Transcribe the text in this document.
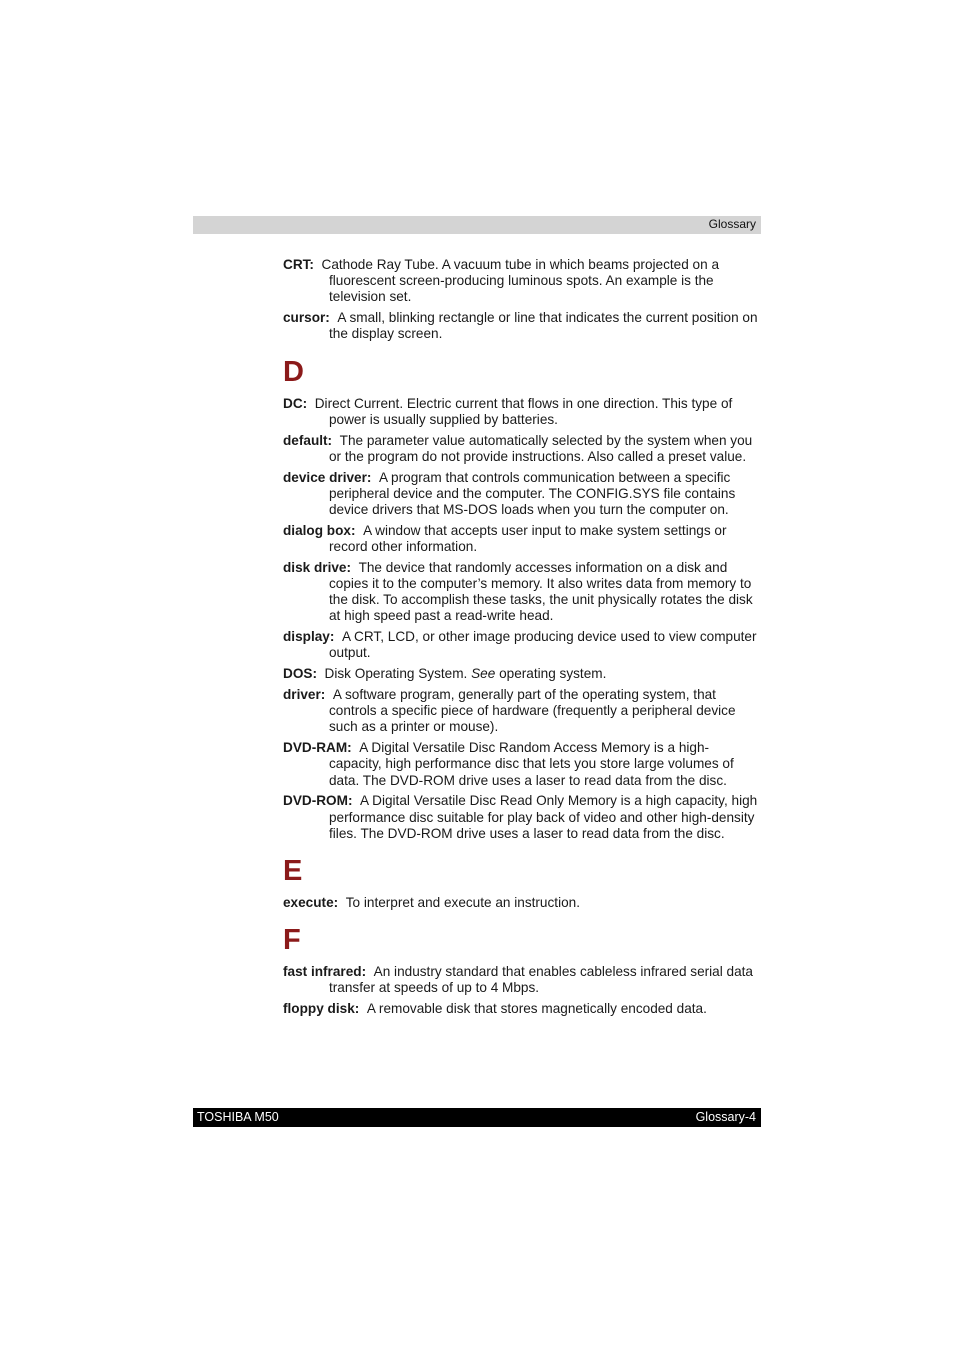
Glossary
CRT: Cathode Ray Tube. A vacuum tube in which beams projected on a fluorescent screen-producing luminous spots. An example is the television set.
cursor: A small, blinking rectangle or line that indicates the current position on the display screen.
D
DC: Direct Current. Electric current that flows in one direction. This type of power is usually supplied by batteries.
default: The parameter value automatically selected by the system when you or the program do not provide instructions. Also called a preset value.
device driver: A program that controls communication between a specific peripheral device and the computer. The CONFIG.SYS file contains device drivers that MS-DOS loads when you turn the computer on.
dialog box: A window that accepts user input to make system settings or record other information.
disk drive: The device that randomly accesses information on a disk and copies it to the computer’s memory. It also writes data from memory to the disk. To accomplish these tasks, the unit physically rotates the disk at high speed past a read-write head.
display: A CRT, LCD, or other image producing device used to view computer output.
DOS: Disk Operating System. See operating system.
driver: A software program, generally part of the operating system, that controls a specific piece of hardware (frequently a peripheral device such as a printer or mouse).
DVD-RAM: A Digital Versatile Disc Random Access Memory is a high-capacity, high performance disc that lets you store large volumes of data. The DVD-ROM drive uses a laser to read data from the disc.
DVD-ROM: A Digital Versatile Disc Read Only Memory is a high capacity, high performance disc suitable for play back of video and other high-density files. The DVD-ROM drive uses a laser to read data from the disc.
E
execute: To interpret and execute an instruction.
F
fast infrared: An industry standard that enables cableless infrared serial data transfer at speeds of up to 4 Mbps.
floppy disk: A removable disk that stores magnetically encoded data.
TOSHIBA M50	Glossary-4
